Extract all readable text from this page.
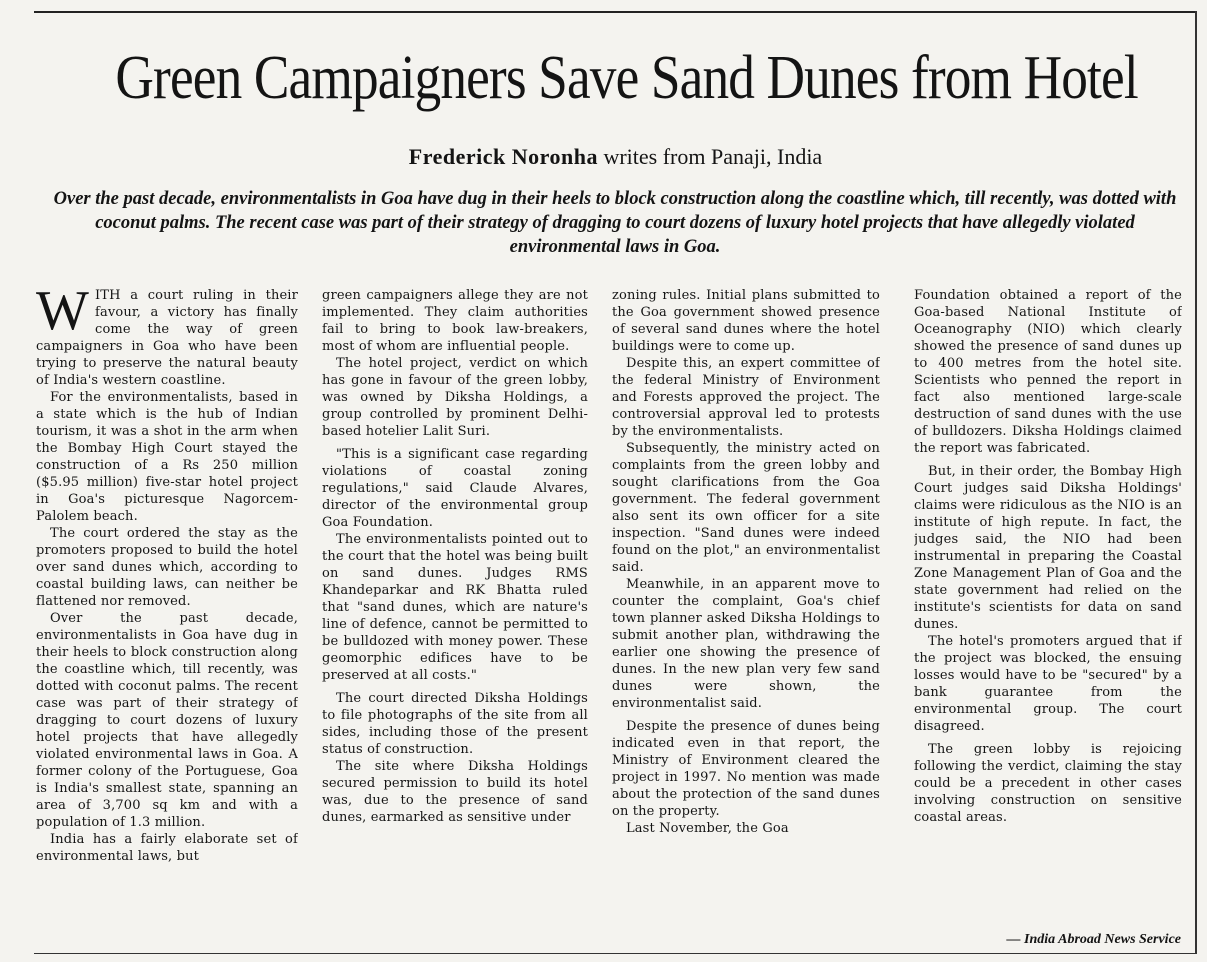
Green Campaigners Save Sand Dunes from Hotel
Frederick Noronha writes from Panaji, India
Over the past decade, environmentalists in Goa have dug in their heels to block construction along the coastline which, till recently, was dotted with coconut palms. The recent case was part of their strategy of dragging to court dozens of luxury hotel projects that have allegedly violated environmental laws in Goa.
W ITH a court ruling in their favour, a victory has finally come the way of green campaigners in Goa who have been trying to preserve the natural beauty of India's western coastline.

For the environmentalists, based in a state which is the hub of Indian tourism, it was a shot in the arm when the Bombay High Court stayed the construction of a Rs 250 million ($5.95 million) five-star hotel project in Goa's picturesque Nagorcem-Palolem beach.

The court ordered the stay as the promoters proposed to build the hotel over sand dunes which, according to coastal building laws, can neither be flattened nor removed.

Over the past decade, environmentalists in Goa have dug in their heels to block construction along the coastline which, till recently, was dotted with coconut palms. The recent case was part of their strategy of dragging to court dozens of luxury hotel projects that have allegedly violated environmental laws in Goa. A former colony of the Portuguese, Goa is India's smallest state, spanning an area of 3,700 sq km and with a population of 1.3 million.

India has a fairly elaborate set of environmental laws, but

green campaigners allege they are not implemented. They claim authorities fail to bring to book law-breakers, most of whom are influential people.

The hotel project, verdict on which has gone in favour of the green lobby, was owned by Diksha Holdings, a group controlled by prominent Delhi-based hotelier Lalit Suri.

"This is a significant case regarding violations of coastal zoning regulations," said Claude Alvares, director of the environmental group Goa Foundation.

The environmentalists pointed out to the court that the hotel was being built on sand dunes. Judges RMS Khandeparkar and RK Bhatta ruled that "sand dunes, which are nature's line of defence, cannot be permitted to be bulldozed with money power. These geomorphic edifices have to be preserved at all costs."

The court directed Diksha Holdings to file photographs of the site from all sides, including those of the present status of construction.

The site where Diksha Holdings secured permission to build its hotel was, due to the presence of sand dunes, earmarked as sensitive under

zoning rules. Initial plans submitted to the Goa government showed presence of several sand dunes where the hotel buildings were to come up.

Despite this, an expert committee of the federal Ministry of Environment and Forests approved the project. The controversial approval led to protests by the environmentalists.

Subsequently, the ministry acted on complaints from the green lobby and sought clarifications from the Goa government. The federal government also sent its own officer for a site inspection. "Sand dunes were indeed found on the plot," an environmentalist said.

Meanwhile, in an apparent move to counter the complaint, Goa's chief town planner asked Diksha Holdings to submit another plan, withdrawing the earlier one showing the presence of dunes. In the new plan very few sand dunes were shown, the environmentalist said.

Despite the presence of dunes being indicated even in that report, the Ministry of Environment cleared the project in 1997. No mention was made about the protection of the sand dunes on the property.

Last November, the Goa

Foundation obtained a report of the Goa-based National Institute of Oceanography (NIO) which clearly showed the presence of sand dunes up to 400 metres from the hotel site. Scientists who penned the report in fact also mentioned large-scale destruction of sand dunes with the use of bulldozers. Diksha Holdings claimed the report was fabricated.

But, in their order, the Bombay High Court judges said Diksha Holdings' claims were ridiculous as the NIO is an institute of high repute. In fact, the judges said, the NIO had been instrumental in preparing the Coastal Zone Management Plan of Goa and the state government had relied on the institute's scientists for data on sand dunes.

The hotel's promoters argued that if the project was blocked, the ensuing losses would have to be "secured" by a bank guarantee from the environmental group. The court disagreed.

The green lobby is rejoicing following the verdict, claiming the stay could be a precedent in other cases involving construction on sensitive coastal areas.

— India Abroad News Service
